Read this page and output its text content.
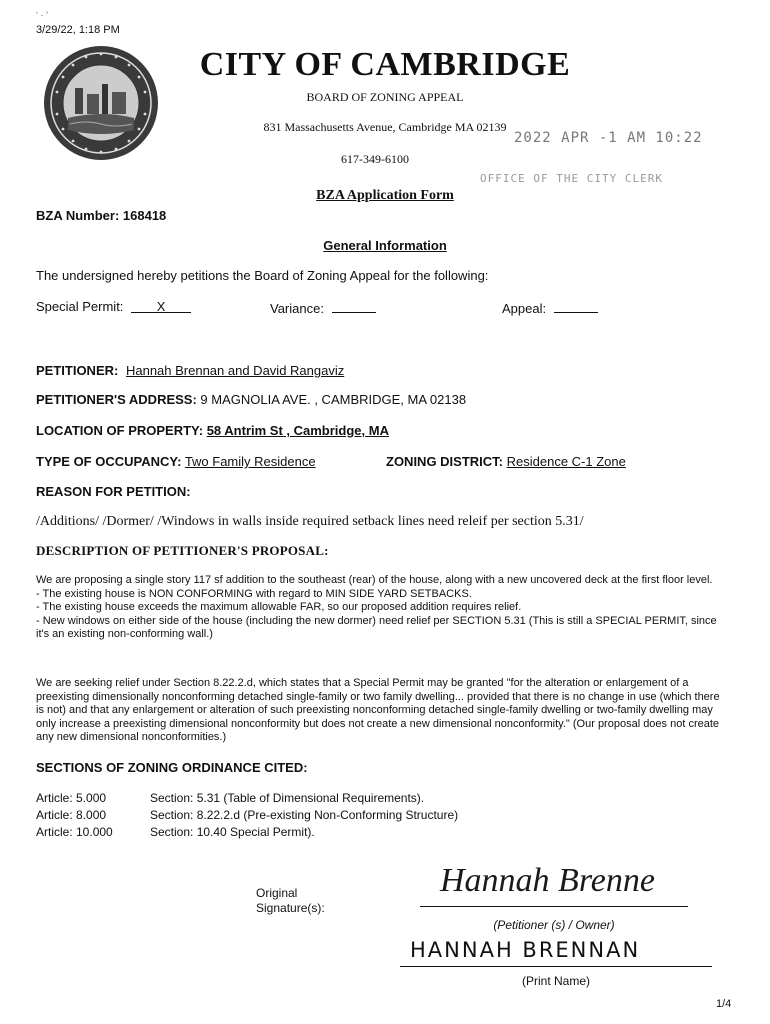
‘ · ’
3/29/22, 1:18 PM
CITY OF CAMBRIDGE
BOARD OF ZONING APPEAL
831 Massachusetts Avenue, Cambridge MA 02139
617-349-6100
2022 APR -1 AM 10:22
OFFICE OF THE CITY CLERK
BZA Application Form
BZA Number: 168418
General Information
The undersigned hereby petitions the Board of Zoning Appeal for the following:
Special Permit:	X	Variance:	Appeal:
PETITIONER: Hannah Brennan and David Rangaviz
PETITIONER'S ADDRESS: 9 MAGNOLIA AVE. , CAMBRIDGE, MA 02138
LOCATION OF PROPERTY: 58 Antrim St , Cambridge, MA
TYPE OF OCCUPANCY: Two Family Residence	ZONING DISTRICT: Residence C-1 Zone
REASON FOR PETITION:
/Additions/ /Dormer/ /Windows in walls inside required setback lines need releif per section 5.31/
DESCRIPTION OF PETITIONER'S PROPOSAL:

We are proposing a single story 117 sf addition to the southeast (rear) of the house, along with a new uncovered deck at the first floor level.

- The existing house is NON CONFORMING with regard to MIN SIDE YARD SETBACKS.

- The existing house exceeds the maximum allowable FAR, so our proposed addition requires relief.

- New windows on either side of the house (including the new dormer) need relief per SECTION 5.31 (This is still a SPECIAL PERMIT, since it's an existing non-conforming wall.)

We are seeking relief under Section 8.22.2.d, which states that a Special Permit may be granted "for the alteration or enlargement of a preexisting dimensionally nonconforming detached single-family or two family dwelling... provided that there is no change in use (which there is not) and that any enlargement or alteration of such preexisting nonconforming detached single-family dwelling or two-family dwelling may only increase a preexisting dimensional nonconformity but does not create a new dimensional nonconformity." (Our proposal does not create any new dimensional nonconformities.)
SECTIONS OF ZONING ORDINANCE CITED:
Article: 5.000	Section: 5.31 (Table of Dimensional Requirements).
Article: 8.000	Section: 8.22.2.d (Pre-existing Non-Conforming Structure)
Article: 10.000	Section: 10.40 Special Permit).
Original
Signature(s):
Hannah Brenne
(Petitioner (s) / Owner)
HANNAH BRENNAN
(Print Name)
1/4
